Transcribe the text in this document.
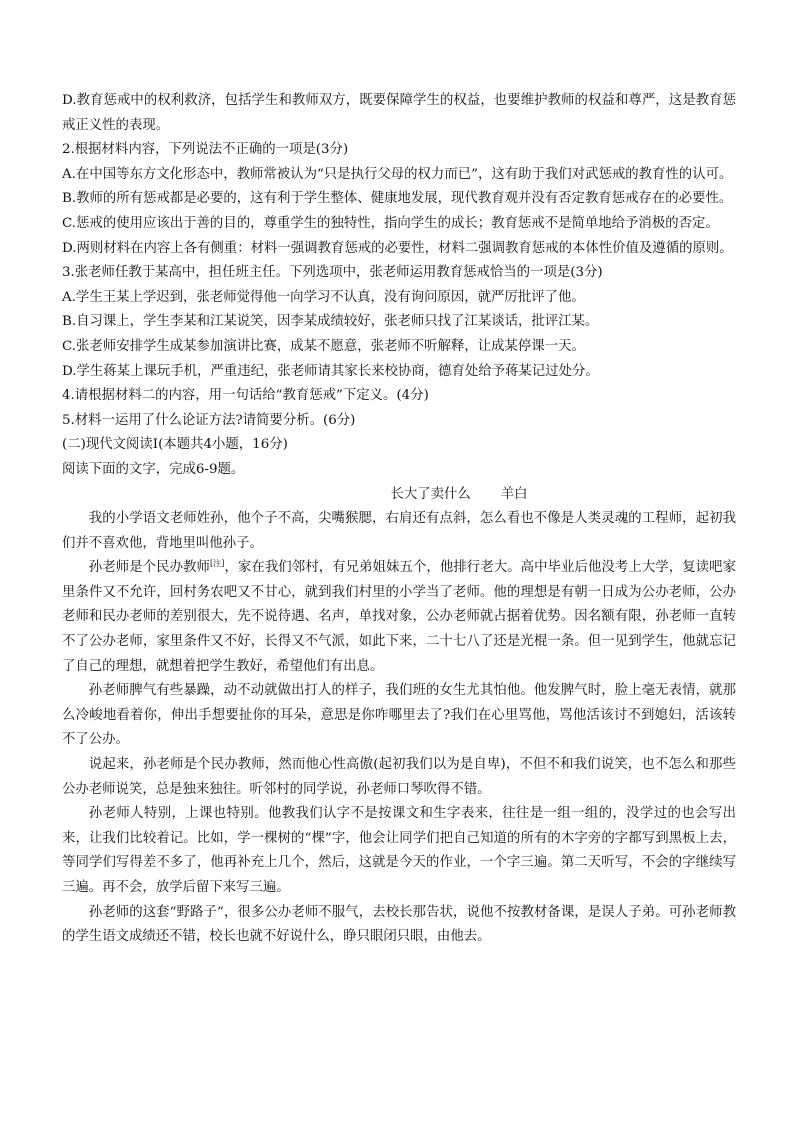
D.教育惩戒中的权利救济，包括学生和教师双方，既要保障学生的权益，也要维护教师的权益和尊严，这是教育惩戒正义性的表现。

2.根据材料内容，下列说法不正确的一项是(3分)

A.在中国等东方文化形态中，教师常被认为“只是执行父母的权力而已”，这有助于我们对武惩戒的教育性的认可。

B.教师的所有惩戒都是必要的，这有利于学生整体、健康地发展，现代教育观并没有否定教育惩戒存在的必要性。

C.惩戒的使用应该出于善的目的，尊重学生的独特性，指向学生的成长；教育惩戒不是简单地给予消极的否定。

D.两则材料在内容上各有侧重：材料一强调教育惩戒的必要性，材料二强调教育惩戒的本体性价值及遵循的原则。

3.张老师任教于某高中，担任班主任。下列选项中，张老师运用教育惩戒恰当的一项是(3分)

A.学生王某上学迟到，张老师觉得他一向学习不认真，没有询问原因，就严厉批评了他。

B.自习课上，学生李某和江某说笑，因李某成绩较好，张老师只找了江某谈话，批评江某。

C.张老师安排学生成某参加演讲比赛，成某不愿意，张老师不听解释，让成某停课一天。

D.学生蒋某上课玩手机，严重违纪，张老师请其家长来校协商，德育处给予蒋某记过处分。

4.请根据材料二的内容，用一句话给“教育惩戒”下定义。(4分)

5.材料一运用了什么论证方法?请简要分析。(6分)

(二)现代文阅读Ⅰ(本题共4小题，16分)

阅读下面的文字，完成6-9题。

长大了卖什么 羊白

我的小学语文老师姓孙，他个子不高，尖嘴猴腮，右肩还有点斜，怎么看也不像是人类灵魂的工程师，起初我们并不喜欢他，背地里叫他孙子。

孙老师是个民办教师[注]，家在我们邻村，有兄弟姐妹五个，他排行老大。高中毕业后他没考上大学，复读吧家里条件又不允许，回村务农吧又不甘心，就到我们村里的小学当了老师。他的理想是有朝一日成为公办老师，公办老师和民办老师的差别很大，先不说待遇、名声，单找对象，公办老师就占据着优势。因名额有限，孙老师一直转不了公办老师，家里条件又不好，长得又不气派，如此下来，二十七八了还是光棍一条。但一见到学生，他就忘记了自己的理想，就想着把学生教好，希望他们有出息。

孙老师脾气有些暴躁，动不动就做出打人的样子，我们班的女生尤其怕他。他发脾气时，脸上毫无表情，就那么冷峻地看着你，伸出手想要扯你的耳朵，意思是你咋哪里去了?我们在心里骂他，骂他活该讨不到媳妇，活该转不了公办。

说起来，孙老师是个民办教师，然而他心性高傲(起初我们以为是自卑)，不但不和我们说笑，也不怎么和那些公办老师说笑，总是独来独往。听邻村的同学说，孙老师口琴吹得不错。

孙老师人特别，上课也特别。他教我们认字不是按课文和生字表来，往往是一组一组的，没学过的也会写出来，让我们比较着记。比如，学一棵树的“棵”字，他会让同学们把自己知道的所有的木字旁的字都写到黑板上去，等同学们写得差不多了，他再补充上几个，然后，这就是今天的作业，一个字三遍。第二天听写，不会的字继续写三遍。再不会，放学后留下来写三遍。

孙老师的这套“野路子”，很多公办老师不服气，去校长那告状，说他不按教材备课，是误人子弟。可孙老师教的学生语文成绩还不错，校长也就不好说什么，睁只眼闭只眼，由他去。
